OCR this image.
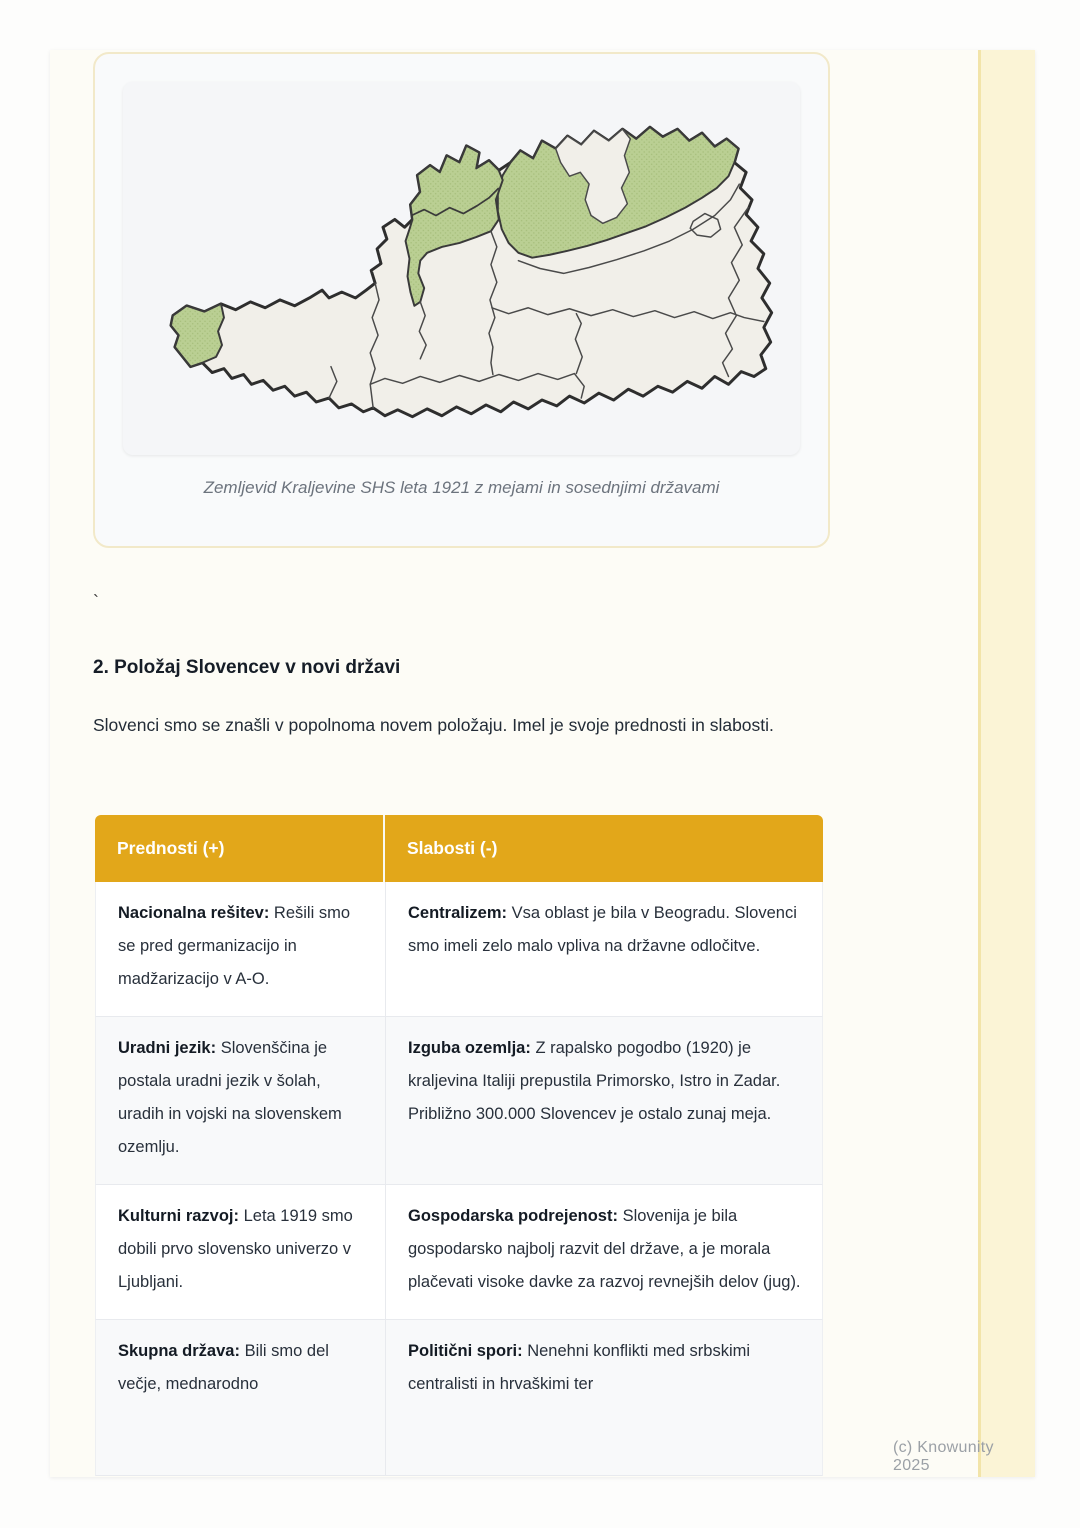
Zemljevid Kraljevine SHS leta 1921 z mejami in sosednjimi državami
`
2. Položaj Slovencev v novi državi

Slovenci smo se znašli v popolnoma novem položaju. Imel je svoje prednosti in slabosti.

Prednosti (+)	Slabosti (-)
Nacionalna rešitev: Rešili smo se pred germanizacijo in madžarizacijo v A-O.	Centralizem: Vsa oblast je bila v Beogradu. Slovenci smo imeli zelo malo vpliva na državne odločitve.
Uradni jezik: Slovenščina je postala uradni jezik v šolah, uradih in vojski na slovenskem ozemlju.	Izguba ozemlja: Z rapalsko pogodbo (1920) je kraljevina Italiji prepustila Primorsko, Istro in Zadar. Približno 300.000 Slovencev je ostalo zunaj meja.
Kulturni razvoj: Leta 1919 smo dobili prvo slovensko univerzo v Ljubljani.	Gospodarska podrejenost: Slovenija je bila gospodarsko najbolj razvit del države, a je morala plačevati visoke davke za razvoj revnejših delov (jug).
Skupna država: Bili smo del večje, mednarodno	Politični spori: Nenehni konflikti med srbskimi centralisti in hrvaškimi ter
(c) Knowunity 2025
